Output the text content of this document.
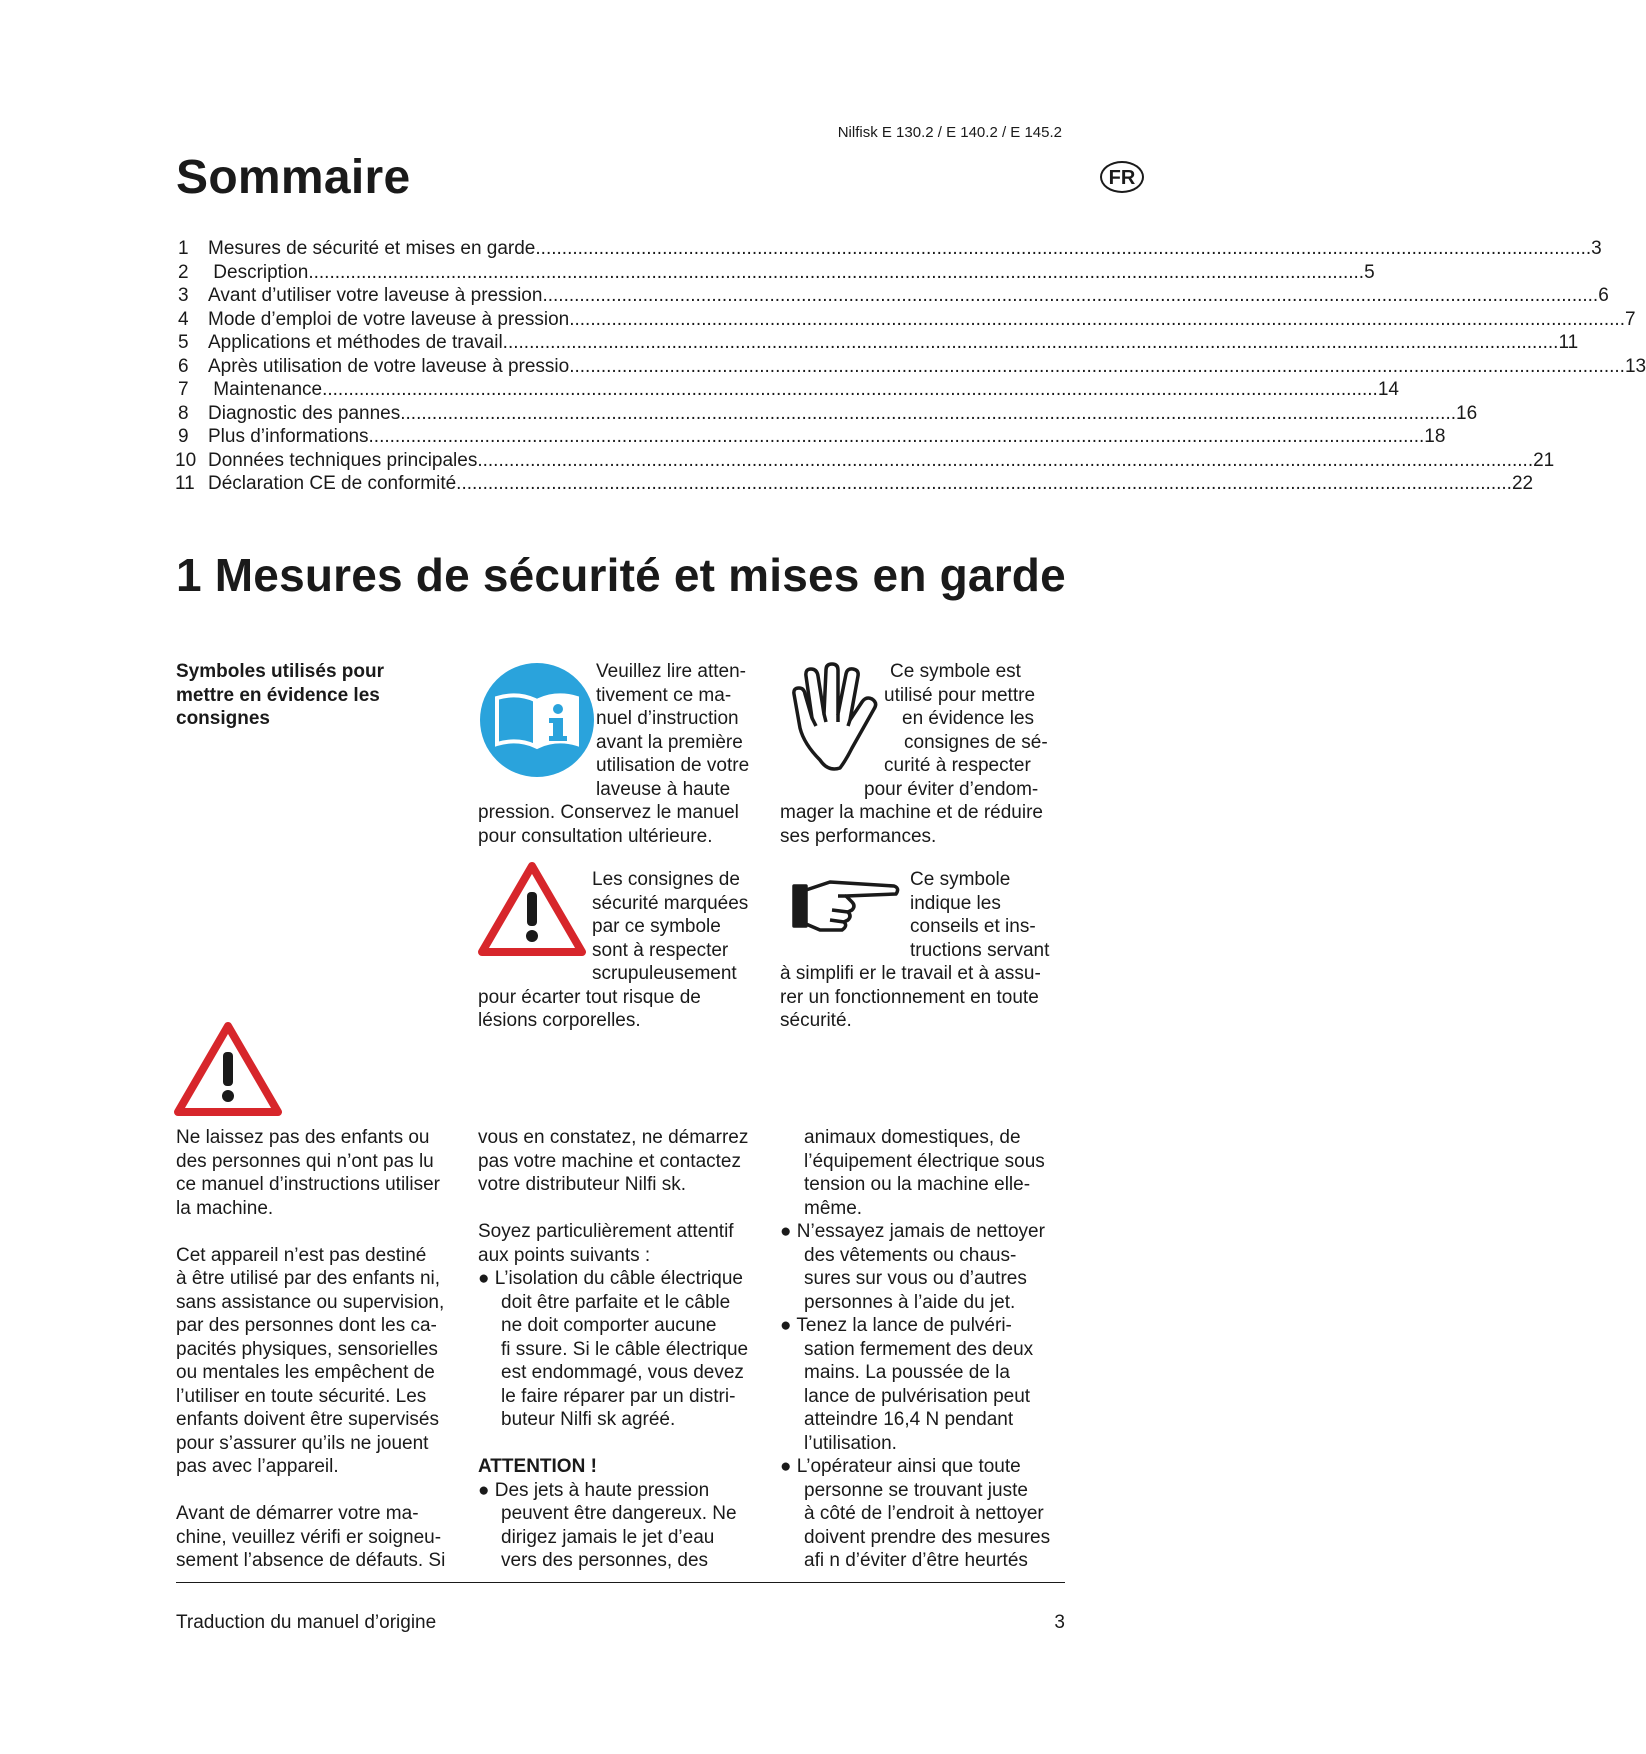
Nilfisk E 130.2 / E 140.2 / E 145.2
FR
Sommaire
1	Mesures de sécurité et mises en garde ........................................................................................................................................................................................................ 3
2	Description ........................................................................................................................................................................................................ 5
3	Avant d’utiliser votre laveuse à pression ........................................................................................................................................................................................................ 6
4	Mode d’emploi de votre laveuse à pression ........................................................................................................................................................................................................ 7
5	Applications et méthodes de travail ........................................................................................................................................................................................................ 11
6	Après utilisation de votre laveuse à pressio ........................................................................................................................................................................................................ 13
7	Maintenance ........................................................................................................................................................................................................ 14
8	Diagnostic des pannes ........................................................................................................................................................................................................ 16
9	Plus d’informations ........................................................................................................................................................................................................ 18
10 Données techniques principales ........................................................................................................................................................................................................ 21
11 Déclaration CE de conformité ........................................................................................................................................................................................................ 22
1 Mesures de sécurité et mises en garde
Symboles utilisés pour mettre en évidence les consignes
Veuillez lire atten-
tivement ce ma-
nuel d’instruction
avant la première
utilisation de votre
laveuse à haute
pression. Conservez le manuel
pour consultation ultérieure.
Ce symbole est
utilisé pour mettre
en évidence les
consignes de sé-
curité à respecter
pour éviter d’endom-
mager la machine et de réduire
ses performances.
Les consignes de
sécurité marquées
par ce symbole
sont à respecter
scrupuleusement
pour écarter tout risque de
lésions corporelles.
Ce symbole
indique les
conseils et ins-
tructions servant
à simplifi er le travail et à assu-
rer un fonctionnement en toute
sécurité.

Ne laissez pas des enfants ou
des personnes qui n’ont pas lu
ce manuel d’instructions utiliser
la machine.

Cet appareil n’est pas destiné
à être utilisé par des enfants ni,
sans assistance ou supervision,
par des personnes dont les ca-
pacités physiques, sensorielles
ou mentales les empêchent de
l’utiliser en toute sécurité. Les
enfants doivent être supervisés
pour s’assurer qu’ils ne jouent
pas avec l’appareil.

Avant de démarrer votre ma-
chine, veuillez vérifi er soigneu-
sement l’absence de défauts. Si

vous en constatez, ne démarrez
pas votre machine et contactez
votre distributeur Nilfi sk.

Soyez particulièrement attentif
aux points suivants :
● L’isolation du câble électrique
doit être parfaite et le câble
ne doit comporter aucune
fi ssure. Si le câble électrique
est endommagé, vous devez
le faire réparer par un distri-
buteur Nilfi sk agréé.
ATTENTION !
● Des jets à haute pression
peuvent être dangereux. Ne
dirigez jamais le jet d’eau
vers des personnes, des
animaux domestiques, de
l’équipement électrique sous
tension ou la machine elle-
même.
● N’essayez jamais de nettoyer
des vêtements ou chaus-
sures sur vous ou d’autres
personnes à l’aide du jet.
● Tenez la lance de pulvéri-
sation fermement des deux
mains. La poussée de la
lance de pulvérisation peut
atteindre 16,4 N pendant
l’utilisation.
● L’opérateur ainsi que toute
personne se trouvant juste
à côté de l’endroit à nettoyer
doivent prendre des mesures
afi n d’éviter d’être heurtés
Traduction du manuel d’origine	3
